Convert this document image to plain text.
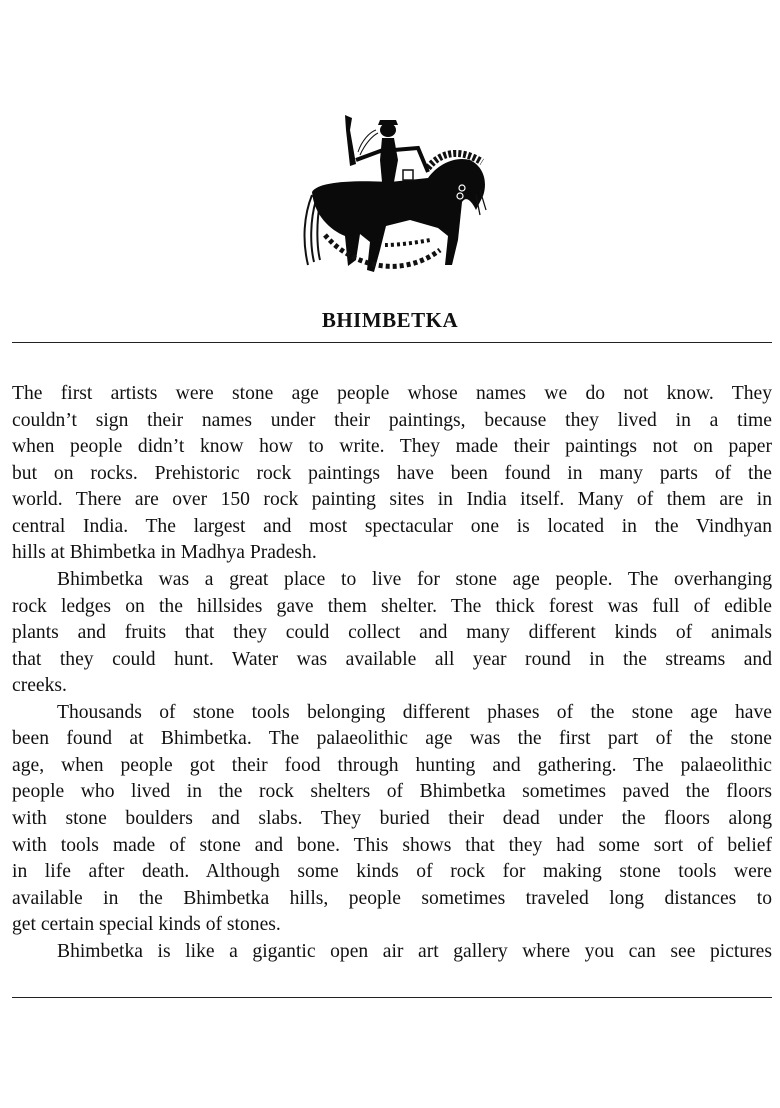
BHIMBETKA
The first artists were stone age people whose names we do not know. They
couldn’t sign their names under their paintings, because they lived in a time
when people didn’t know how to write. They made their paintings not on paper
but on rocks. Prehistoric rock paintings have been found in many parts of the
world. There are over 150 rock painting sites in India itself. Many of them are in
central India. The largest and most spectacular one is located in the Vindhyan
hills at Bhimbetka in Madhya Pradesh.
Bhimbetka was a great place to live for stone age people. The overhanging
rock ledges on the hillsides gave them shelter. The thick forest was full of edible
plants and fruits that they could collect and many different kinds of animals
that they could hunt. Water was available all year round in the streams and
creeks.
Thousands of stone tools belonging different phases of the stone age have
been found at Bhimbetka. The palaeolithic age was the first part of the stone
age, when people got their food through hunting and gathering. The palaeolithic
people who lived in the rock shelters of Bhimbetka sometimes paved the floors
with stone boulders and slabs. They buried their dead under the floors along
with tools made of stone and bone. This shows that they had some sort of belief
in life after death. Although some kinds of rock for making stone tools were
available in the Bhimbetka hills, people sometimes traveled long distances to
get certain special kinds of stones.
Bhimbetka is like a gigantic open air art gallery where you can see pictures
